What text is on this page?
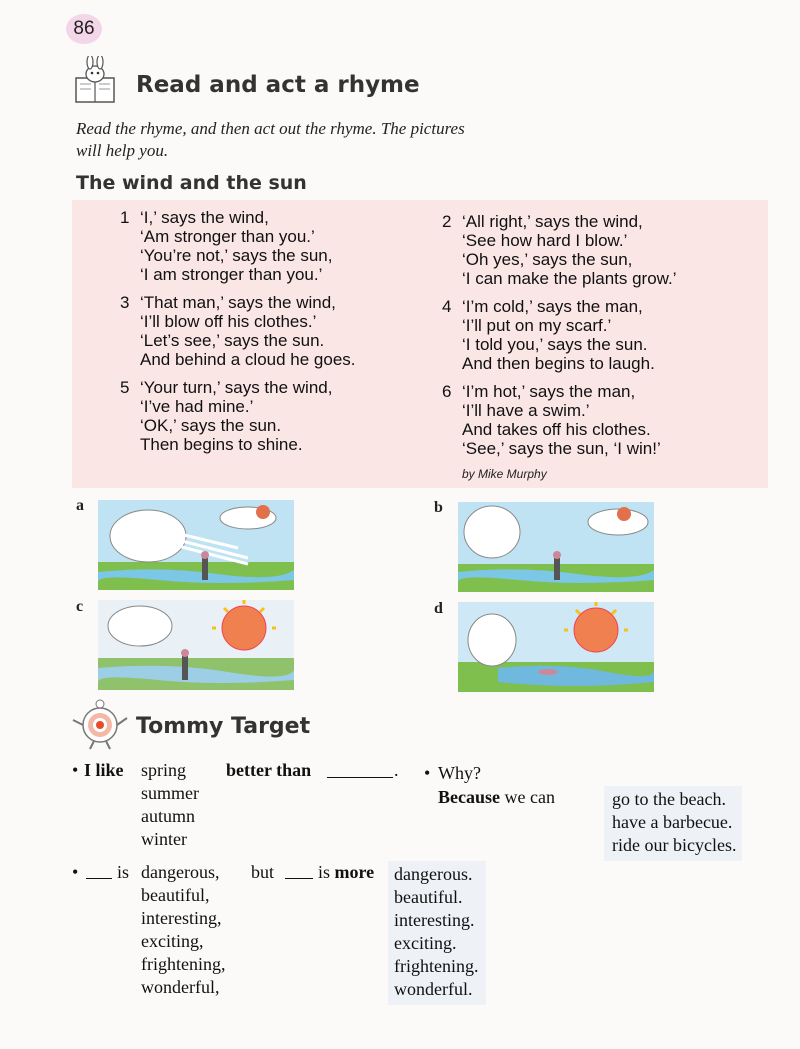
86
Read and act a rhyme
Read the rhyme, and then act out the rhyme. The pictures
will help you.
The wind and the sun
1 ‘I,’ says the wind,
‘Am stronger than you.’
‘You’re not,’ says the sun,
‘I am stronger than you.’
2 ‘All right,’ says the wind,
‘See how hard I blow.’
‘Oh yes,’ says the sun,
‘I can make the plants grow.’
3 ‘That man,’ says the wind,
‘I’ll blow off his clothes.’
‘Let’s see,’ says the sun.
And behind a cloud he goes.
4 ‘I’m cold,’ says the man,
‘I’ll put on my scarf.’
‘I told you,’ says the sun.
And then begins to laugh.
5 ‘Your turn,’ says the wind,
‘I’ve had mine.’
‘OK,’ says the sun.
Then begins to shine.
6 ‘I’m hot,’ says the man,
‘I’ll have a swim.’
And takes off his clothes.
‘See,’ says the sun, ‘I win!’
by Mike Murphy
a	b
c	d
Tommy Target
• I like spring
summer
autumn
winter
better than	. • Why?
Because we can	go to the beach.
have a barbecue.
ride our bicycles.
• is dangerous,
beautiful,
interesting,
exciting,
frightening,
wonderful,
but is more dangerous.
beautiful.
interesting.
exciting.
frightening.
wonderful.
